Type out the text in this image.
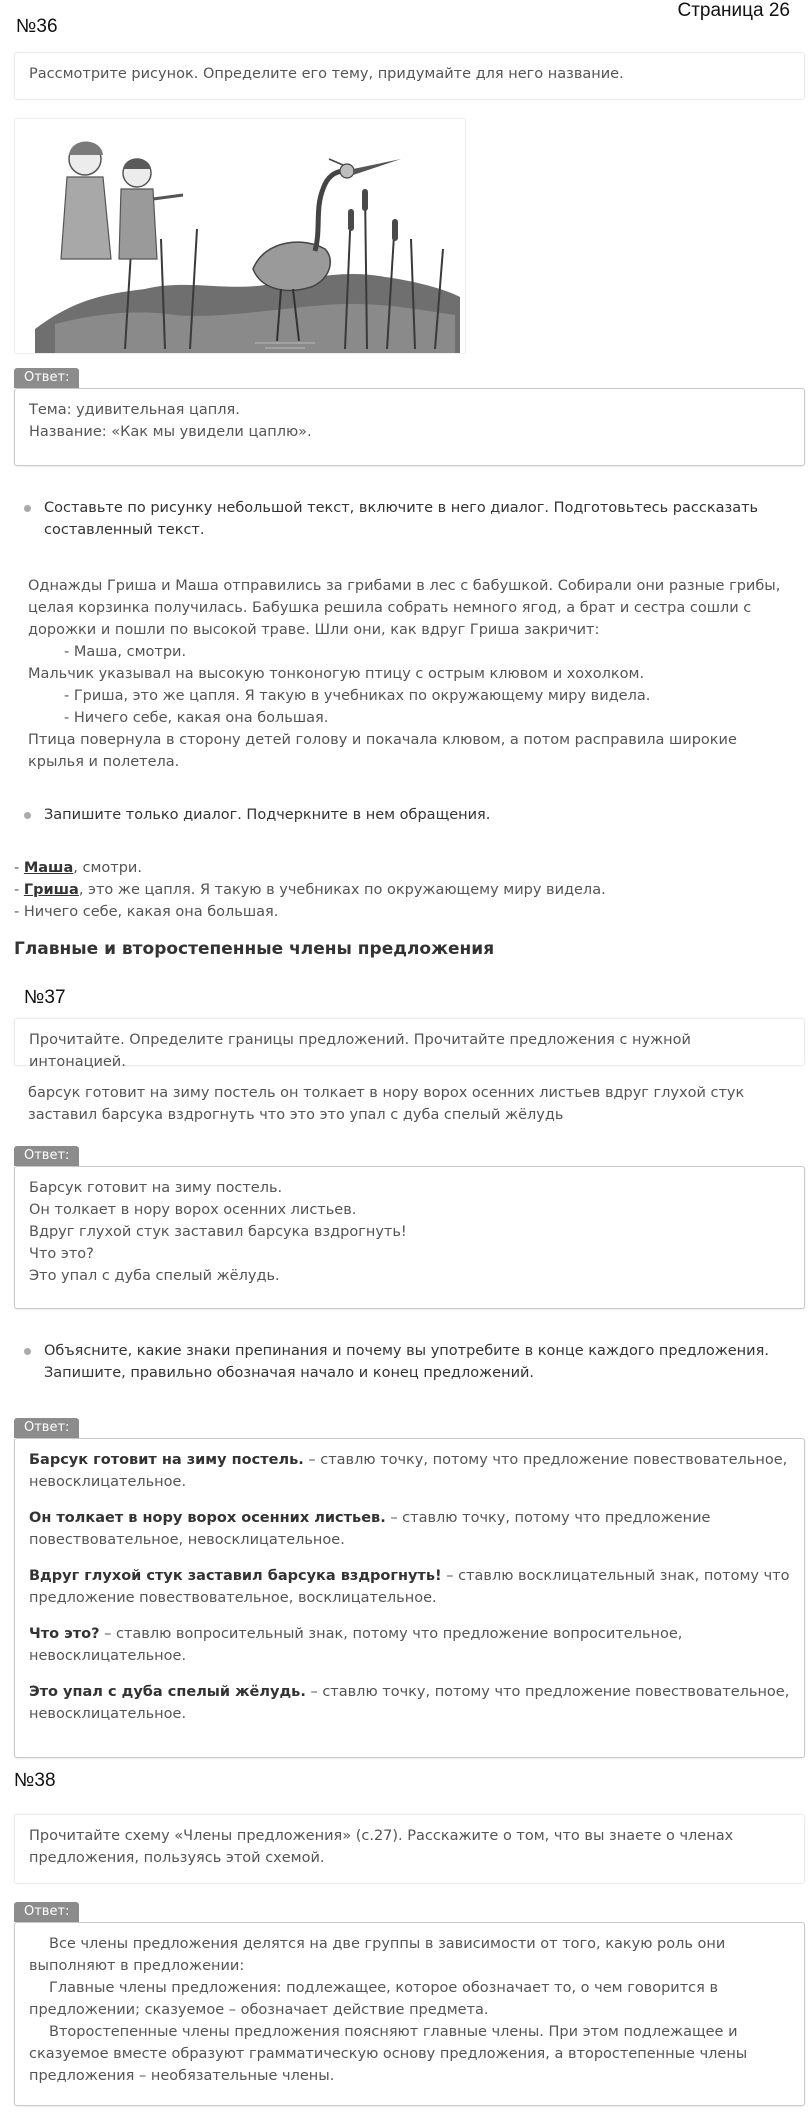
Страница 26
№36
Рассмотрите рисунок. Определите его тему, придумайте для него название.
Ответ:
Тема: удивительная цапля.
Название: «Как мы увидели цаплю».
Составьте по рисунку небольшой текст, включите в него диалог. Подготовьтесь рассказать составленный текст.
Однажды Гриша и Маша отправились за грибами в лес с бабушкой. Собирали они разные грибы, целая корзинка получилась. Бабушка решила собрать немного ягод, а брат и сестра сошли с дорожки и пошли по высокой траве. Шли они, как вдруг Гриша закричит:
- Маша, смотри.
Мальчик указывал на высокую тонконогую птицу с острым клювом и хохолком.
- Гриша, это же цапля. Я такую в учебниках по окружающему миру видела.
- Ничего себе, какая она большая.
Птица повернула в сторону детей голову и покачала клювом, а потом расправила широкие крылья и полетела.
Запишите только диалог. Подчеркните в нем обращения.
- Маша, смотри.
- Гриша, это же цапля. Я такую в учебниках по окружающему миру видела.
- Ничего себе, какая она большая.
Главные и второстепенные члены предложения
№37
Прочитайте. Определите границы предложений. Прочитайте предложения с нужной интонацией.
барсук готовит на зиму постель он толкает в нору ворох осенних листьев вдруг глухой стук заставил барсука вздрогнуть что это это упал с дуба спелый жёлудь
Ответ:
Барсук готовит на зиму постель.
Он толкает в нору ворох осенних листьев.
Вдруг глухой стук заставил барсука вздрогнуть!
Что это?
Это упал с дуба спелый жёлудь.
Объясните, какие знаки препинания и почему вы употребите в конце каждого предложения. Запишите, правильно обозначая начало и конец предложений.
Ответ:

Барсук готовит на зиму постель. – ставлю точку, потому что предложение повествовательное, невосклицательное.

Он толкает в нору ворох осенних листьев. – ставлю точку, потому что предложение повествовательное, невосклицательное.

Вдруг глухой стук заставил барсука вздрогнуть! – ставлю восклицательный знак, потому что предложение повествовательное, восклицательное.

Что это? – ставлю вопросительный знак, потому что предложение вопросительное, невосклицательное.

Это упал с дуба спелый жёлудь. – ставлю точку, потому что предложение повествовательное, невосклицательное.

№38
Прочитайте схему «Члены предложения» (с.27). Расскажите о том, что вы знаете о членах предложения, пользуясь этой схемой.
Ответ:

Все члены предложения делятся на две группы в зависимости от того, какую роль они выполняют в предложении:

Главные члены предложения: подлежащее, которое обозначает то, о чем говорится в предложении; сказуемое – обозначает действие предмета.

Второстепенные члены предложения поясняют главные члены. При этом подлежащее и сказуемое вместе образуют грамматическую основу предложения, а второстепенные члены предложения – необязательные члены.
